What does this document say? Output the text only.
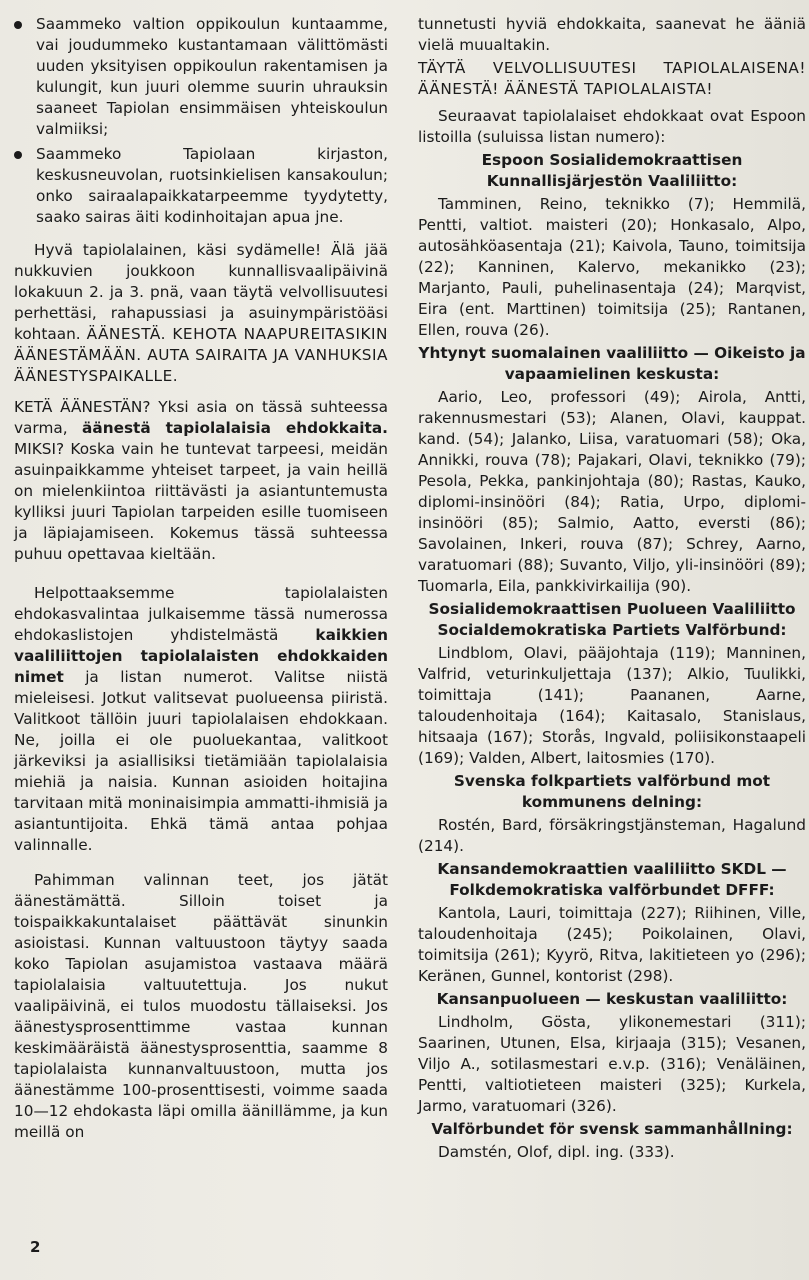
Saammeko valtion oppikoulun kuntaamme, vai joudummeko kustantamaan välittömästi uuden yksityisen oppikoulun rakentamisen ja kulungit, kun juuri olemme suurin uhrauksin saaneet Tapiolan ensimmäisen yhteiskoulun valmiiksi;

Saammeko Tapiolaan kirjaston, keskusneuvolan, ruotsinkielisen kansakoulun; onko sairaalapaikkatarpeemme tyydytetty, saako sairas äiti kodinhoitajan apua jne.

Hyvä tapiolalainen, käsi sydämelle! Älä jää nukkuvien joukkoon kunnallisvaalipäivinä lokakuun 2. ja 3. pnä, vaan täytä velvollisuutesi perhettäsi, rahapussiasi ja asuinympäristöäsi kohtaan. ÄÄNESTÄ. KEHOTA NAAPUREITASIKIN ÄÄNESTÄMÄÄN. AUTA SAIRAITA JA VANHUKSIA ÄÄNESTYSPAIKALLE.

KETÄ ÄÄNESTÄN? Yksi asia on tässä suhteessa varma, äänestä tapiolalaisia ehdokkaita. MIKSI? Koska vain he tuntevat tarpeesi, meidän asuinpaikkamme yhteiset tarpeet, ja vain heillä on mielenkiintoa riittävästi ja asiantuntemusta kylliksi juuri Tapiolan tarpeiden esille tuomiseen ja läpiajamiseen. Kokemus tässä suhteessa puhuu opettavaa kieltään.

Helpottaaksemme tapiolalaisten ehdokasvalintaa julkaisemme tässä numerossa ehdokaslistojen yhdistelmästä kaikkien vaaliliittojen tapiolalaisten ehdokkaiden nimet ja listan numerot. Valitse niistä mieleisesi. Jotkut valitsevat puolueensa piiristä. Valitkoot tällöin juuri tapiolalaisen ehdokkaan. Ne, joilla ei ole puoluekantaa, valitkoot järkeviksi ja asiallisiksi tietämiään tapiolalaisia miehiä ja naisia. Kunnan asioiden hoitajina tarvitaan mitä moninaisimpia ammatti-ihmisiä ja asiantuntijoita. Ehkä tämä antaa pohjaa valinnalle.

Pahimman valinnan teet, jos jätät äänestämättä. Silloin toiset ja toispaikkakuntalaiset päättävät sinunkin asioistasi. Kunnan valtuustoon täytyy saada koko Tapiolan asujamistoa vastaava määrä tapiolalaisia valtuutettuja. Jos nukut vaalipäivinä, ei tulos muodostu tällaiseksi. Jos äänestysprosenttimme vastaa kunnan keskimääräistä äänestysprosenttia, saamme 8 tapiolalaista kunnanvaltuustoon, mutta jos äänestämme 100-prosenttisesti, voimme saada 10—12 ehdokasta läpi omilla äänillämme, ja kun meillä on

2

tunnetusti hyviä ehdokkaita, saanevat he ääniä vielä muualtakin.

TÄYTÄ VELVOLLISUUTESI TAPIOLALAISENA! ÄÄNESTÄ! ÄÄNESTÄ TAPIOLALAISTA!

Seuraavat tapiolalaiset ehdokkaat ovat Espoon listoilla (suluissa listan numero):

Espoon Sosialidemokraattisen Kunnallisjärjestön Vaaliliitto:

Tamminen, Reino, teknikko (7); Hemmilä, Pentti, valtiot. maisteri (20); Honkasalo, Alpo, autosähköasentaja (21); Kaivola, Tauno, toimitsija (22); Kanninen, Kalervo, mekanikko (23); Marjanto, Pauli, puhelinasentaja (24); Marqvist, Eira (ent. Marttinen) toimitsija (25); Rantanen, Ellen, rouva (26).

Yhtynyt suomalainen vaaliliitto — Oikeisto ja vapaamielinen keskusta:

Aario, Leo, professori (49); Airola, Antti, rakennusmestari (53); Alanen, Olavi, kauppat. kand. (54); Jalanko, Liisa, varatuomari (58); Oka, Annikki, rouva (78); Pajakari, Olavi, teknikko (79); Pesola, Pekka, pankinjohtaja (80); Rastas, Kauko, diplomi-insinööri (84); Ratia, Urpo, diplomi-insinööri (85); Salmio, Aatto, eversti (86); Savolainen, Inkeri, rouva (87); Schrey, Aarno, varatuomari (88); Suvanto, Viljo, yli-insinööri (89); Tuomarla, Eila, pankkivirkailija (90).

Sosialidemokraattisen Puolueen Vaaliliitto Socialdemokratiska Partiets Valförbund:

Lindblom, Olavi, pääjohtaja (119); Manninen, Valfrid, veturinkuljettaja (137); Alkio, Tuulikki, toimittaja (141); Paananen, Aarne, taloudenhoitaja (164); Kaitasalo, Stanislaus, hitsaaja (167); Storås, Ingvald, poliisikonstaapeli (169); Valden, Albert, laitosmies (170).

Svenska folkpartiets valförbund mot kommunens delning:

Rostén, Bard, försäkringstjänsteman, Hagalund (214).

Kansandemokraattien vaaliliitto SKDL — Folkdemokratiska valförbundet DFFF:

Kantola, Lauri, toimittaja (227); Riihinen, Ville, taloudenhoitaja (245); Poikolainen, Olavi, toimitsija (261); Kyyrö, Ritva, lakitieteen yo (296); Keränen, Gunnel, kontorist (298).

Kansanpuolueen — keskustan vaaliliitto:

Lindholm, Gösta, ylikonemestari (311); Saarinen, Utunen, Elsa, kirjaaja (315); Vesanen, Viljo A., sotilasmestari e.v.p. (316); Venäläinen, Pentti, valtiotieteen maisteri (325); Kurkela, Jarmo, varatuomari (326).

Valförbundet för svensk sammanhållning:

Damstén, Olof, dipl. ing. (333).
